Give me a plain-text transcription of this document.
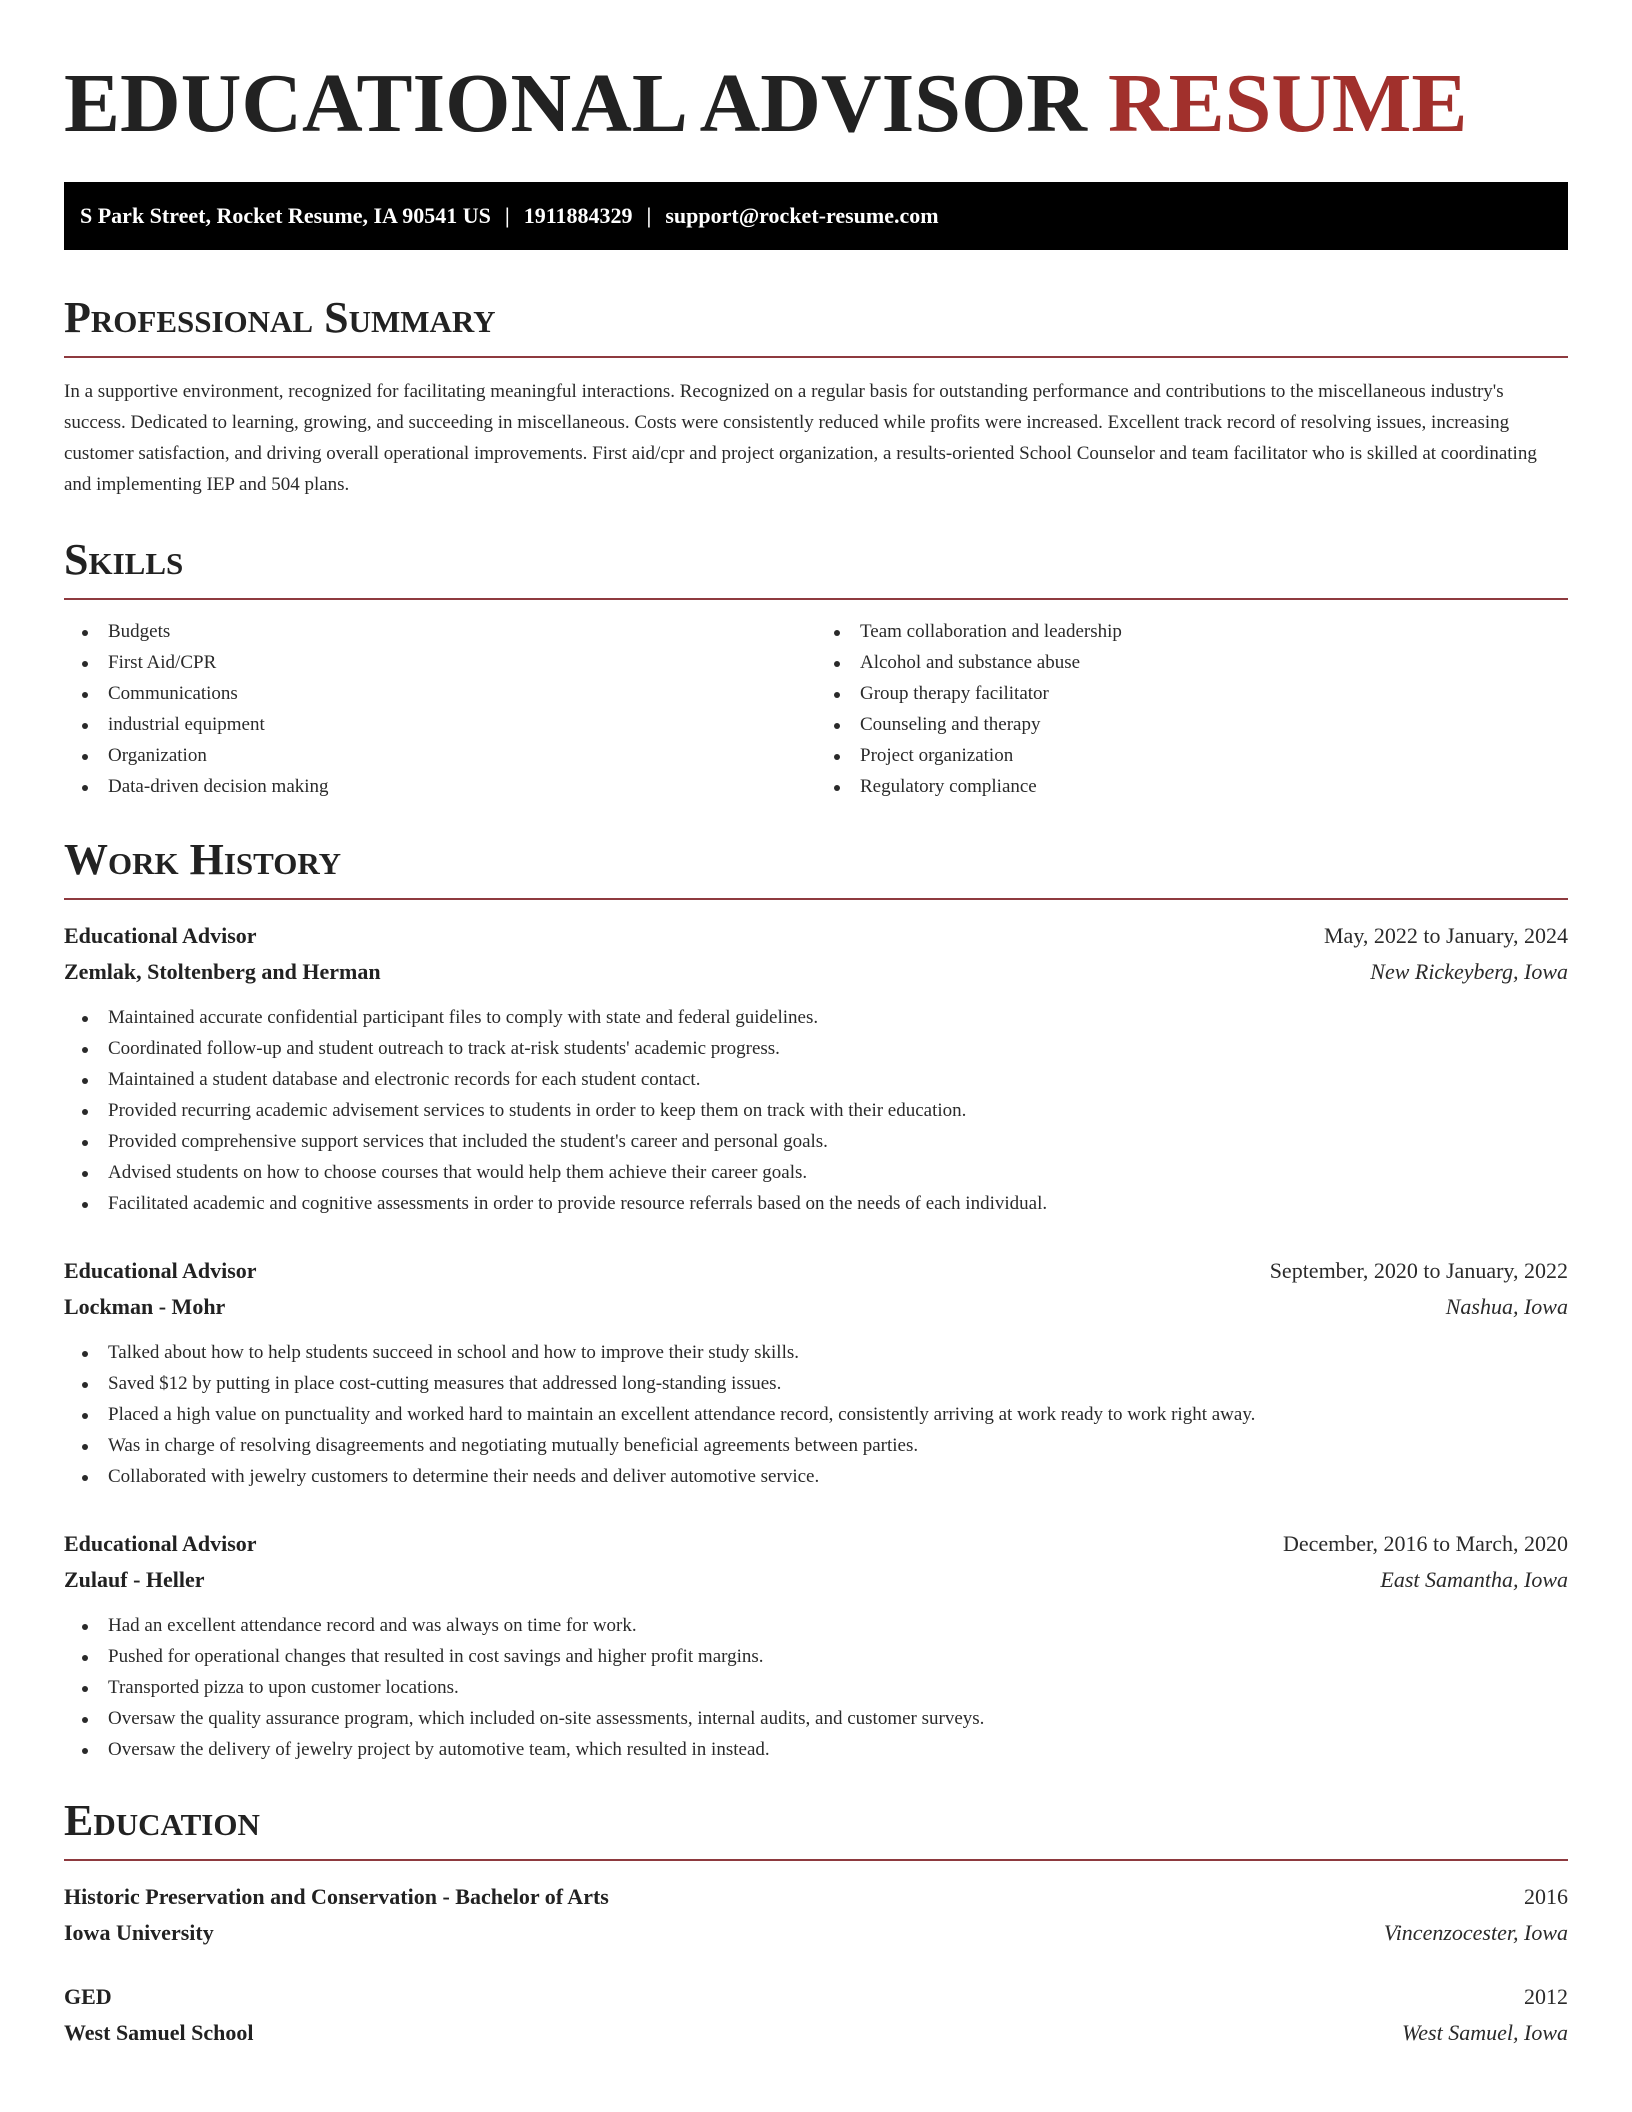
EDUCATIONAL ADVISOR RESUME
S Park Street, Rocket Resume, IA 90541 US | 1911884329 | support@rocket-resume.com
Professional Summary

In a supportive environment, recognized for facilitating meaningful interactions. Recognized on a regular basis for outstanding performance and contributions to the miscellaneous industry's success. Dedicated to learning, growing, and succeeding in miscellaneous. Costs were consistently reduced while profits were increased. Excellent track record of resolving issues, increasing customer satisfaction, and driving overall operational improvements. First aid/cpr and project organization, a results-oriented School Counselor and team facilitator who is skilled at coordinating and implementing IEP and 504 plans.

Skills
Budgets
First Aid/CPR
Communications
industrial equipment
Organization
Data-driven decision making
Team collaboration and leadership
Alcohol and substance abuse
Group therapy facilitator
Counseling and therapy
Project organization
Regulatory compliance
Work History
Educational Advisor	May, 2022 to January, 2024
Zemlak, Stoltenberg and Herman	New Rickeyberg, Iowa
Maintained accurate confidential participant files to comply with state and federal guidelines.
Coordinated follow-up and student outreach to track at-risk students' academic progress.
Maintained a student database and electronic records for each student contact.
Provided recurring academic advisement services to students in order to keep them on track with their education.
Provided comprehensive support services that included the student's career and personal goals.
Advised students on how to choose courses that would help them achieve their career goals.
Facilitated academic and cognitive assessments in order to provide resource referrals based on the needs of each individual.
Educational Advisor	September, 2020 to January, 2022
Lockman - Mohr	Nashua, Iowa
Talked about how to help students succeed in school and how to improve their study skills.
Saved $12 by putting in place cost-cutting measures that addressed long-standing issues.
Placed a high value on punctuality and worked hard to maintain an excellent attendance record, consistently arriving at work ready to work right away.
Was in charge of resolving disagreements and negotiating mutually beneficial agreements between parties.
Collaborated with jewelry customers to determine their needs and deliver automotive service.
Educational Advisor	December, 2016 to March, 2020
Zulauf - Heller	East Samantha, Iowa
Had an excellent attendance record and was always on time for work.
Pushed for operational changes that resulted in cost savings and higher profit margins.
Transported pizza to upon customer locations.
Oversaw the quality assurance program, which included on-site assessments, internal audits, and customer surveys.
Oversaw the delivery of jewelry project by automotive team, which resulted in instead.
Education
Historic Preservation and Conservation - Bachelor of Arts	2016
Iowa University	Vincenzocester, Iowa
GED	2012
West Samuel School	West Samuel, Iowa
